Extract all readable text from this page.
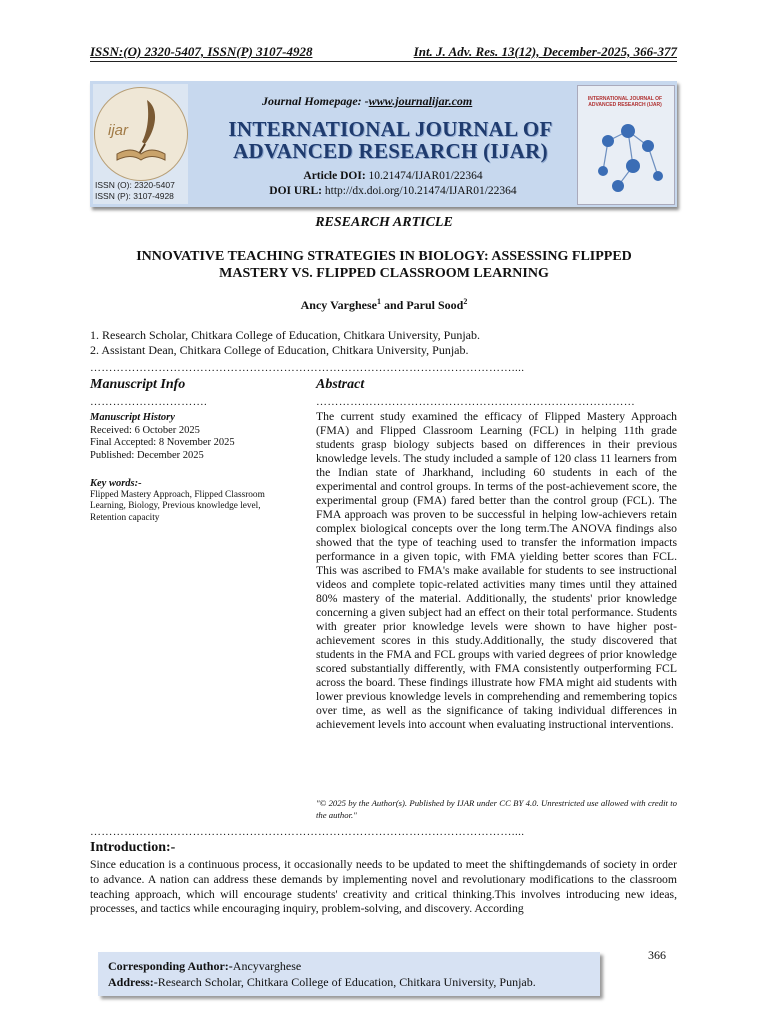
ISSN:(O) 2320-5407, ISSN(P) 3107-4928	Int. J. Adv. Res. 13(12), December-2025, 366-377
ijar
ISSN (O): 2320-5407
ISSN (P): 3107-4928
Journal Homepage: -www.journalijar.com
INTERNATIONAL JOURNAL OF
ADVANCED RESEARCH (IJAR)
Article DOI: 10.21474/IJAR01/22364
DOI URL: http://dx.doi.org/10.21474/IJAR01/22364
INTERNATIONAL JOURNAL OF ADVANCED RESEARCH (IJAR)
RESEARCH ARTICLE
INNOVATIVE TEACHING STRATEGIES IN BIOLOGY: ASSESSING FLIPPED
MASTERY VS. FLIPPED CLASSROOM LEARNING
Ancy Varghese$^1$ and Parul Sood$^2$
1. Research Scholar, Chitkara College of Education, Chitkara University, Punjab.
2. Assistant Dean, Chitkara College of Education, Chitkara University, Punjab.
…………………………………………………………………………………………………....
Manuscript Info
………………………….
Manuscript History
Received: 6 October 2025
Final Accepted: 8 November 2025
Published: December 2025
Key words:-
Flipped Mastery Approach, Flipped Classroom Learning, Biology, Previous knowledge level, Retention capacity
Abstract
…………………………………………………………………………
The current study examined the efficacy of Flipped Mastery Approach (FMA) and Flipped Classroom Learning (FCL) in helping 11th grade students grasp biology subjects based on differences in their previous knowledge levels. The study included a sample of 120 class 11 learners from the Indian state of Jharkhand, including 60 students in each of the experimental and control groups. In terms of the post-achievement score, the experimental group (FMA) fared better than the control group (FCL). The FMA approach was proven to be successful in helping low-achievers retain complex biological concepts over the long term.The ANOVA findings also showed that the type of teaching used to transfer the information impacts performance in a given topic, with FMA yielding better scores than FCL. This was ascribed to FMA's make available for students to see instructional videos and complete topic-related activities many times until they attained 80% mastery of the material. Additionally, the students' prior knowledge concerning a given subject had an effect on their total performance. Students with greater prior knowledge levels were shown to have higher post-achievement scores in this study.Additionally, the study discovered that students in the FMA and FCL groups with varied degrees of prior knowledge scored substantially differently, with FMA consistently outperforming FCL across the board. These findings illustrate how FMA might aid students with lower previous knowledge levels in comprehending and remembering topics over time, as well as the significance of taking individual differences in achievement levels into account when evaluating instructional interventions.
"© 2025 by the Author(s). Published by IJAR under CC BY 4.0. Unrestricted use allowed with credit to the author."
…………………………………………………………………………………………………....
Introduction:-
Since education is a continuous process, it occasionally needs to be updated to meet the shiftingdemands of society in order to advance. A nation can address these demands by implementing novel and revolutionary modifications to the classroom teaching approach, which will encourage students' creativity and critical thinking.This involves introducing new ideas, processes, and tactics while encouraging inquiry, problem-solving, and discovery. According
366
Corresponding Author:-Ancyvarghese
Address:-Research Scholar, Chitkara College of Education, Chitkara University, Punjab.
